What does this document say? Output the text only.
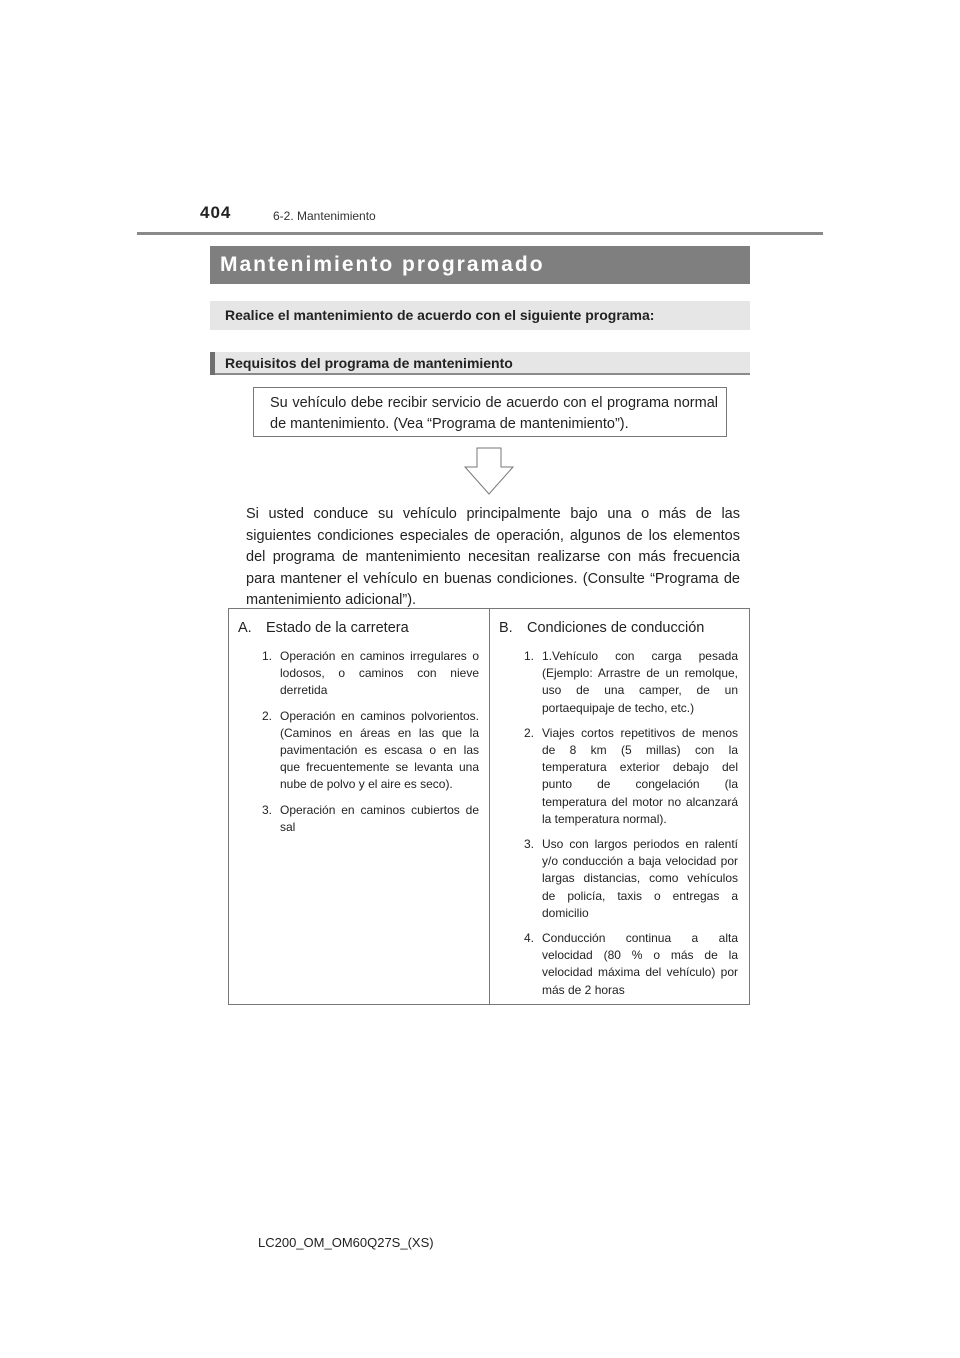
404	6-2. Mantenimiento
Mantenimiento programado
Realice el mantenimiento de acuerdo con el siguiente programa:
Requisitos del programa de mantenimiento

Su vehículo debe recibir servicio de acuerdo con el programa normal de mantenimiento. (Vea “Programa de mantenimiento”).

Si usted conduce su vehículo principalmente bajo una o más de las siguientes condiciones especiales de operación, algunos de los elementos del programa de mantenimiento necesitan realizarse con más frecuencia para mantener el vehículo en buenas condiciones. (Consulte “Programa de mantenimiento adicional”).

A. Estado de la carretera
1. Operación en caminos irregulares o lodosos, o caminos con nieve derretida
2. Operación en caminos polvorientos. (Caminos en áreas en las que la pavimentación es escasa o en las que frecuentemente se levanta una nube de polvo y el aire es seco).
3. Operación en caminos cubiertos de sal
B. Condiciones de conducción
1. 1.Vehículo con carga pesada (Ejemplo: Arrastre de un remolque, uso de una camper, de un portaequipaje de techo, etc.)
2. Viajes cortos repetitivos de menos de 8 km (5 millas) con la temperatura exterior debajo del punto de congelación (la temperatura del motor no alcanzará la temperatura normal).
3. Uso con largos periodos en ralentí y/o conducción a baja velocidad por largas distancias, como vehículos de policía, taxis o entregas a domicilio
4. Conducción continua a alta velocidad (80 % o más de la velocidad máxima del vehículo) por más de 2 horas
LC200_OM_OM60Q27S_(XS)
